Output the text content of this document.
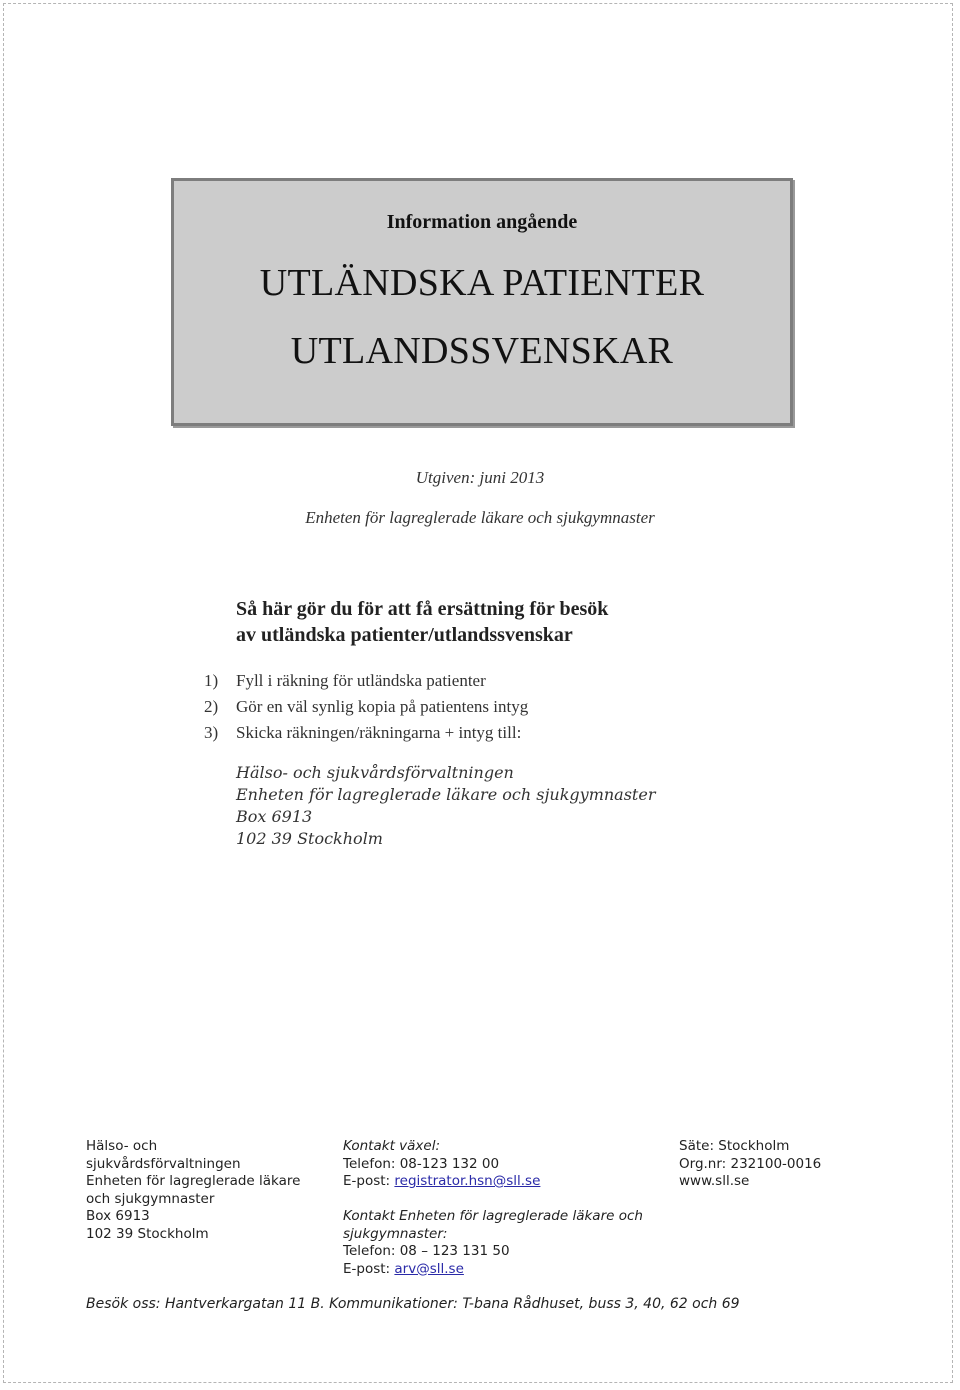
Information angående
UTLÄNDSKA PATIENTER
UTLANDSSVENSKAR
Utgiven: juni 2013
Enheten för lagreglerade läkare och sjukgymnaster
Så här gör du för att få ersättning för besök
av utländska patienter/utlandssvenskar
1)	Fyll i räkning för utländska patienter
2)	Gör en väl synlig kopia på patientens intyg
3)	Skicka räkningen/räkningarna + intyg till:
Hälso- och sjukvårdsförvaltningen
Enheten för lagreglerade läkare och sjukgymnaster
Box 6913
102 39 Stockholm
Hälso- och
sjukvårdsförvaltningen
Enheten för lagreglerade läkare
och sjukgymnaster
Box 6913
102 39 Stockholm
Kontakt växel:
Telefon: 08-123 132 00
E-post: registrator.hsn@sll.se
Kontakt Enheten för lagreglerade läkare och
sjukgymnaster:
Telefon: 08 – 123 131 50
E-post: arv@sll.se
Säte: Stockholm
Org.nr: 232100-0016
www.sll.se
Besök oss: Hantverkargatan 11 B. Kommunikationer: T-bana Rådhuset, buss 3, 40, 62 och 69
